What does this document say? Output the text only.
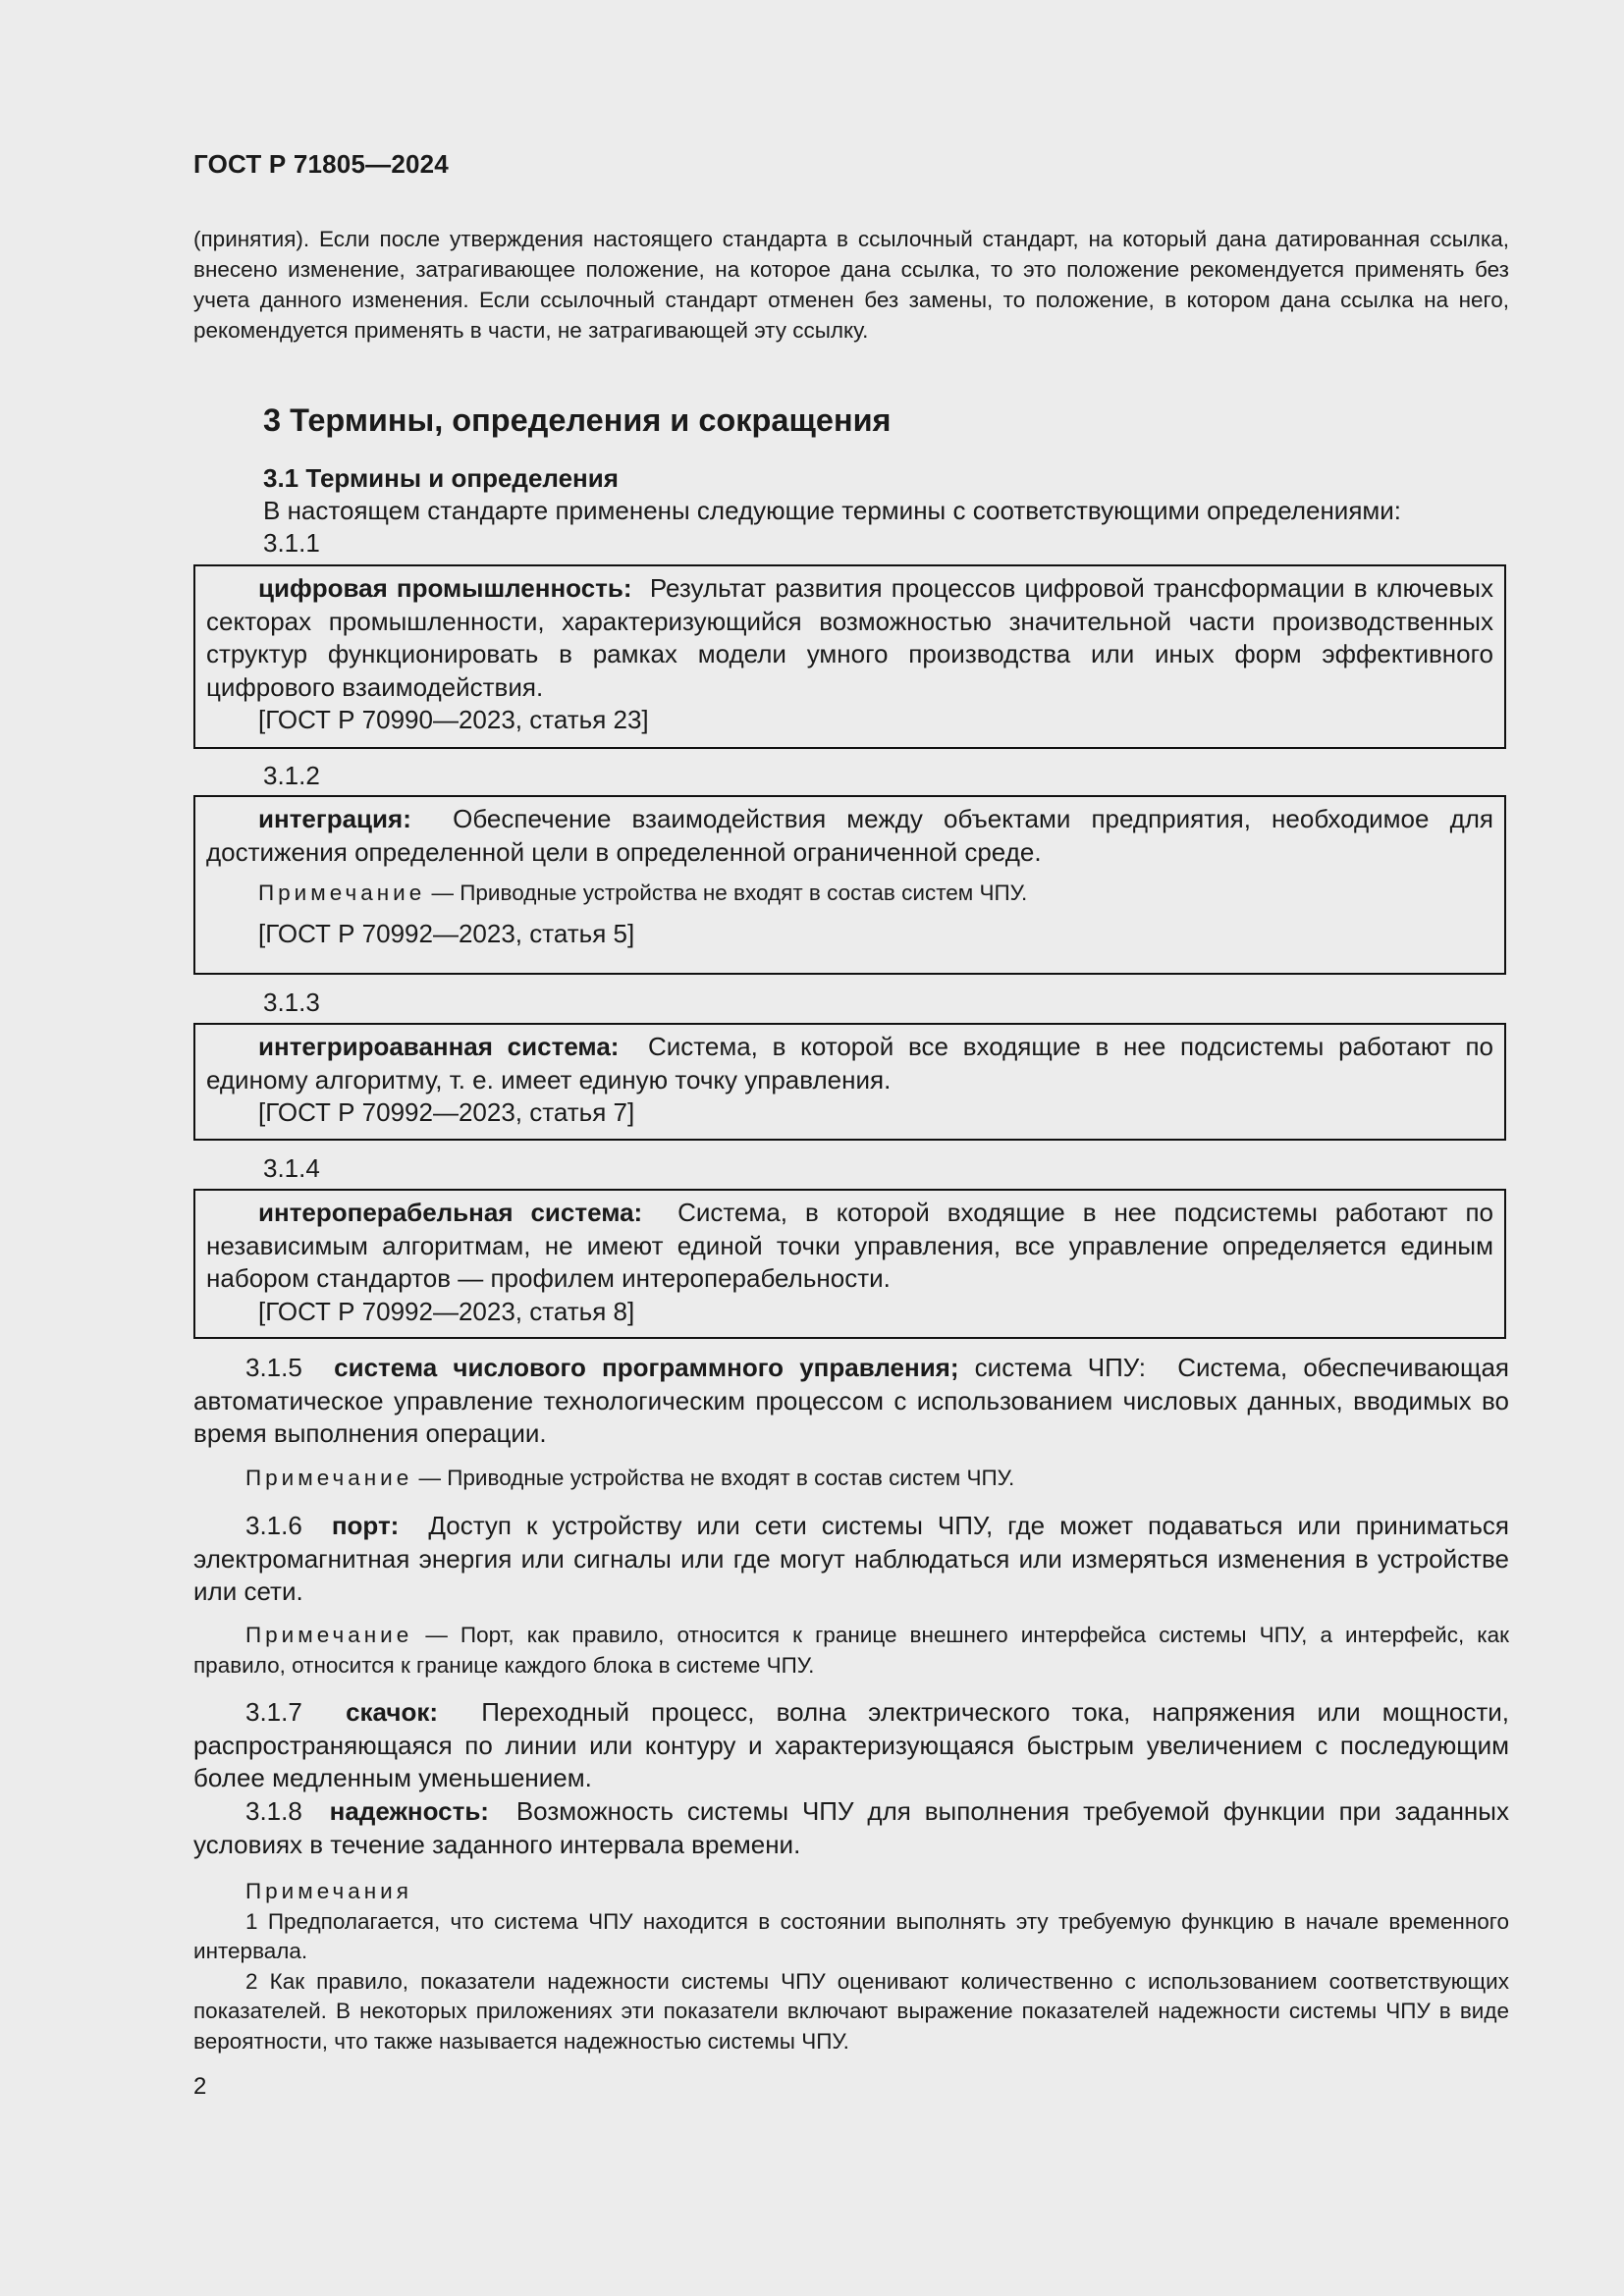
ГОСТ Р 71805—2024
(принятия). Если после утверждения настоящего стандарта в ссылочный стандарт, на который дана датированная ссылка, внесено изменение, затрагивающее положение, на которое дана ссылка, то это положение рекомендуется применять без учета данного изменения. Если ссылочный стандарт отменен без замены, то положение, в котором дана ссылка на него, рекомендуется применять в части, не затрагивающей эту ссылку.
3 Термины, определения и сокращения
3.1 Термины и определения
В настоящем стандарте применены следующие термины с соответствующими определениями:
3.1.1

цифровая промышленность: Результат развития процессов цифровой трансформации в ключевых секторах промышленности, характеризующийся возможностью значительной части производственных структур функционировать в рамках модели умного производства или иных форм эффективного цифрового взаимодействия.

[ГОСТ Р 70990—2023, статья 23]

3.1.2

интеграция: Обеспечение взаимодействия между объектами предприятия, необходимое для достижения определенной цели в определенной ограниченной среде.

Примечание — Приводные устройства не входят в состав систем ЧПУ.

[ГОСТ Р 70992—2023, статья 5]

3.1.3

интегрироаванная система: Система, в которой все входящие в нее подсистемы работают по единому алгоритму, т. е. имеет единую точку управления.

[ГОСТ Р 70992—2023, статья 7]

3.1.4

интероперабельная система: Система, в которой входящие в нее подсистемы работают по независимым алгоритмам, не имеют единой точки управления, все управление определяется единым набором стандартов — профилем интероперабельности.

[ГОСТ Р 70992—2023, статья 8]

3.1.5 система числового программного управления; система ЧПУ: Система, обеспечивающая автоматическое управление технологическим процессом с использованием числовых данных, вводимых во время выполнения операции.

Примечание — Приводные устройства не входят в состав систем ЧПУ.

3.1.6 порт: Доступ к устройству или сети системы ЧПУ, где может подаваться или приниматься электромагнитная энергия или сигналы или где могут наблюдаться или измеряться изменения в устройстве или сети.

Примечание — Порт, как правило, относится к границе внешнего интерфейса системы ЧПУ, а интерфейс, как правило, относится к границе каждого блока в системе ЧПУ.

3.1.7 скачок: Переходный процесс, волна электрического тока, напряжения или мощности, распространяющаяся по линии или контуру и характеризующаяся быстрым увеличением с последующим более медленным уменьшением.

3.1.8 надежность: Возможность системы ЧПУ для выполнения требуемой функции при заданных условиях в течение заданного интервала времени.

Примечания

1 Предполагается, что система ЧПУ находится в состоянии выполнять эту требуемую функцию в начале временного интервала.

2 Как правило, показатели надежности системы ЧПУ оценивают количественно с использованием соответствующих показателей. В некоторых приложениях эти показатели включают выражение показателей надежности системы ЧПУ в виде вероятности, что также называется надежностью системы ЧПУ.

2
